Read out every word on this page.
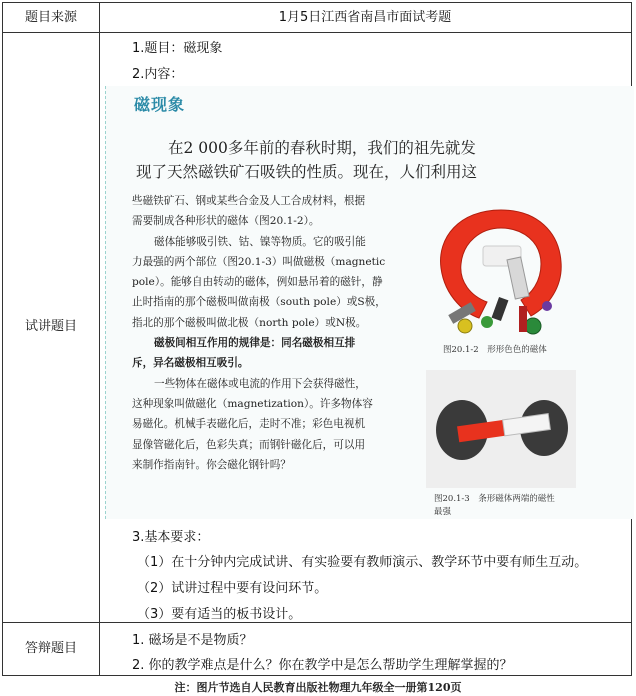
题目来源	1月5日江西省南昌市面试考题
试讲题目
答辩题目
1.题目：磁现象
2.内容：
磁现象
在2 000多年前的春秋时期，我们的祖先就发
现了天然磁铁矿石吸铁的性质。现在，人们利用这

些磁铁矿石、钢或某些合金及人工合成材料，根据

需要制成各种形状的磁体（图20.1-2）。

磁体能够吸引铁、钴、镍等物质。它的吸引能

力最强的两个部位（图20.1-3）叫做磁极（magnetic

pole）。能够自由转动的磁体，例如悬吊着的磁针，静

止时指南的那个磁极叫做南极（south pole）或S极，

指北的那个磁极叫做北极（north pole）或N极。

磁极间相互作用的规律是：同名磁极相互排

斥，异名磁极相互吸引。

一些物体在磁体或电流的作用下会获得磁性，

这种现象叫做磁化（magnetization）。许多物体容

易磁化。机械手表磁化后，走时不准；彩色电视机

显像管磁化后，色彩失真；而钢针磁化后，可以用

来制作指南针。你会磁化钢针吗？

图20.1-2　形形色色的磁体
图20.1-3　条形磁体两端的磁性
最强
3.基本要求：
（1）在十分钟内完成试讲、有实验要有教师演示、教学环节中要有师生互动。
（2）试讲过程中要有设问环节。
（3）要有适当的板书设计。
1. 磁场是不是物质？
2. 你的教学难点是什么？你在教学中是怎么帮助学生理解掌握的？
注：图片节选自人民教育出版社物理九年级全一册第120页
